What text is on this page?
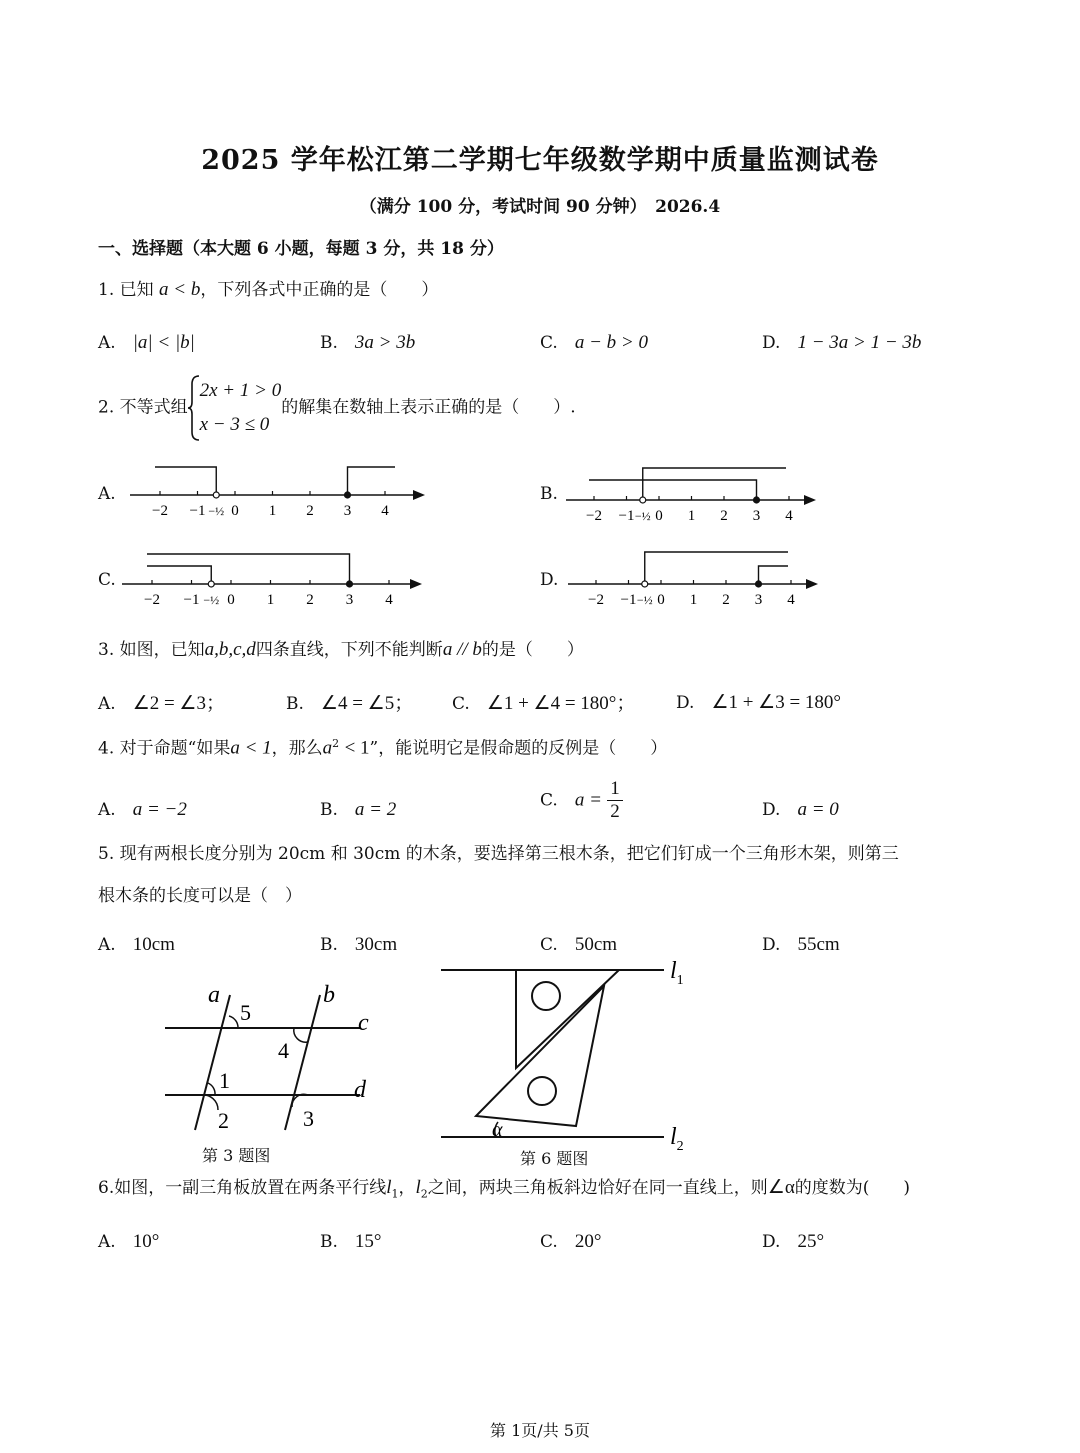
2025 学年松江第二学期七年级数学期中质量监测试卷
（满分 100 分，考试时间 90 分钟）　2026.4
一、选择题（本大题 6 小题，每题 3 分，共 18 分）
1. 已知 a < b，下列各式中正确的是（　　）
A.　 |a| < |b|	B.　 3a > 3b	C.　 a − b > 0	D.　 1 − 3a > 1 − 3b
2. 不等式组
2x + 1 > 0
x − 3 ≤ 0
的解集在数轴上表示正确的是（　　）.
A.	B.
C.	D.
−2 −1 −½ 0 1 2 3 4	−2 −1 −½ 0 1 2 3 4
−2 −1 −½ 0 1 2 3 4	−2 −1 −½ 0 1 2 3 4
3. 如图，已知a,b,c,d四条直线，下列不能判断a // b的是（　　）
A.　 ∠2 = ∠3；	B.　 ∠4 = ∠5； C.　 ∠1 + ∠4 = 180°； D.　 ∠1 + ∠3 = 180°
4. 对于命题“如果a < 1，那么$a^2 < 1$”，能说明它是假命题的反例是（　　）
A.　 a = −2	B.　 a = 2	C.　 $a = \frac{1}{2}$	D.　 a = 0
5. 现有两根长度分别为 20cm 和 30cm 的木条，要选择第三根木条，把它们钉成一个三角形木架，则第三
根木条的长度可以是（　）
A.　 10cm	B.　 30cm	C.　 50cm	D.　 55cm
a	b
c
d
5
4
1
2	3
第 3 题图
α
$l_1$
$l_2$
第 6 题图
6.如图，一副三角板放置在两条平行线$l_1$，$l_2$之间，两块三角板斜边恰好在同一直线上，则∠α的度数为(　　)
A.　 10°	B.　 15°	C.　 20°	D.　 25°
第 1页/共 5页
